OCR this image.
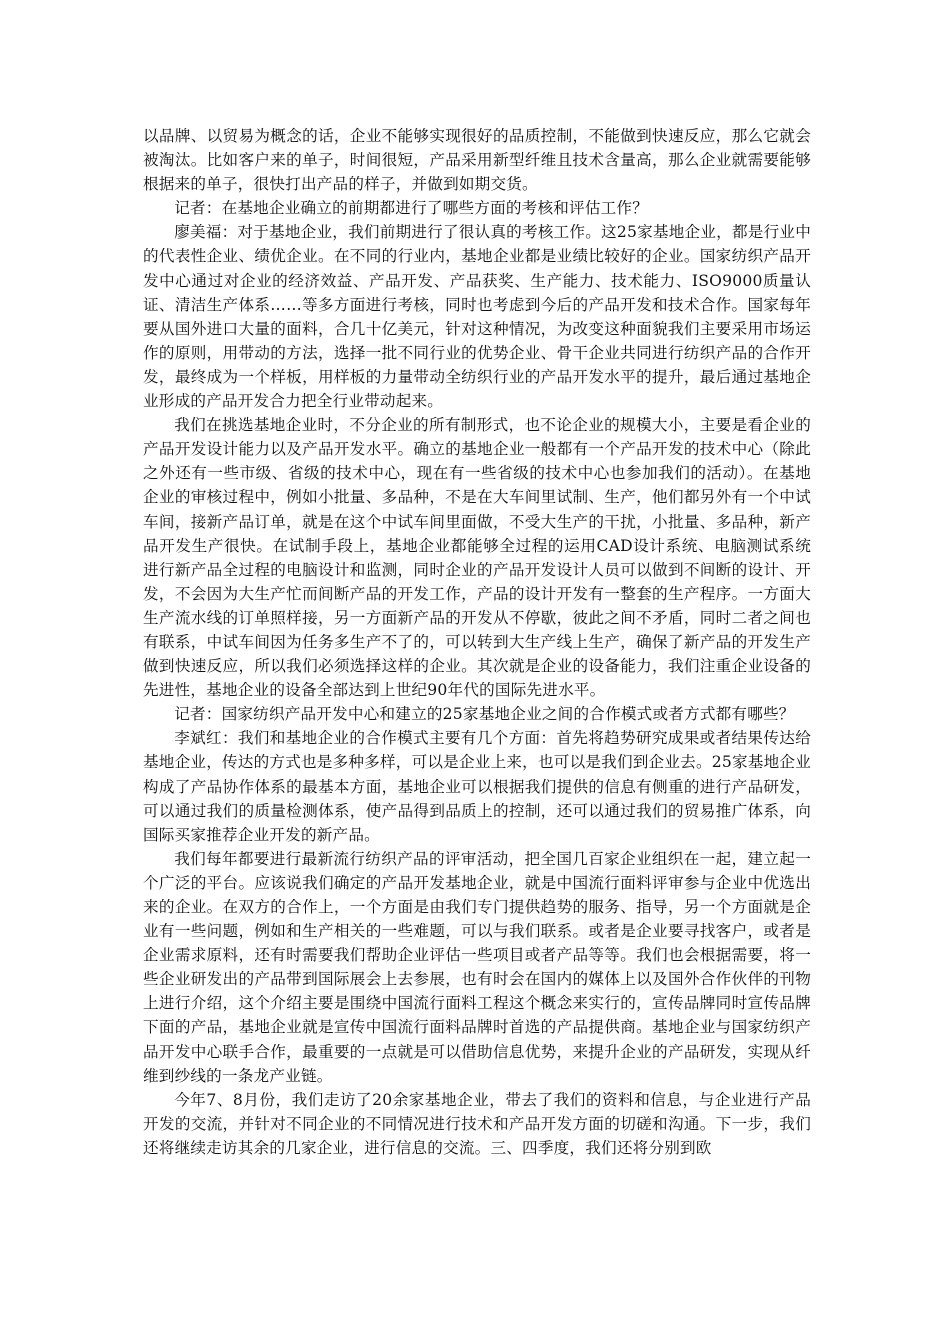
以品牌、以贸易为概念的话，企业不能够实现很好的品质控制，不能做到快速反应，那么它就会被淘汰。比如客户来的单子，时间很短，产品采用新型纤维且技术含量高，那么企业就需要能够根据来的单子，很快打出产品的样子，并做到如期交货。

记者：在基地企业确立的前期都进行了哪些方面的考核和评估工作？

廖美福：对于基地企业，我们前期进行了很认真的考核工作。这25家基地企业，都是行业中的代表性企业、绩优企业。在不同的行业内，基地企业都是业绩比较好的企业。国家纺织产品开发中心通过对企业的经济效益、产品开发、产品获奖、生产能力、技术能力、ISO9000质量认证、清洁生产体系……等多方面进行考核，同时也考虑到今后的产品开发和技术合作。国家每年要从国外进口大量的面料，合几十亿美元，针对这种情况，为改变这种面貌我们主要采用市场运作的原则，用带动的方法，选择一批不同行业的优势企业、骨干企业共同进行纺织产品的合作开发，最终成为一个样板，用样板的力量带动全纺织行业的产品开发水平的提升，最后通过基地企业形成的产品开发合力把全行业带动起来。

我们在挑选基地企业时，不分企业的所有制形式，也不论企业的规模大小，主要是看企业的产品开发设计能力以及产品开发水平。确立的基地企业一般都有一个产品开发的技术中心（除此之外还有一些市级、省级的技术中心，现在有一些省级的技术中心也参加我们的活动）。在基地企业的审核过程中，例如小批量、多品种，不是在大车间里试制、生产，他们都另外有一个中试车间，接新产品订单，就是在这个中试车间里面做，不受大生产的干扰，小批量、多品种，新产品开发生产很快。在试制手段上，基地企业都能够全过程的运用CAD设计系统、电脑测试系统进行新产品全过程的电脑设计和监测，同时企业的产品开发设计人员可以做到不间断的设计、开发，不会因为大生产忙而间断产品的开发工作，产品的设计开发有一整套的生产程序。一方面大生产流水线的订单照样接，另一方面新产品的开发从不停歇，彼此之间不矛盾，同时二者之间也有联系，中试车间因为任务多生产不了的，可以转到大生产线上生产，确保了新产品的开发生产做到快速反应，所以我们必须选择这样的企业。其次就是企业的设备能力，我们注重企业设备的先进性，基地企业的设备全部达到上世纪90年代的国际先进水平。

记者：国家纺织产品开发中心和建立的25家基地企业之间的合作模式或者方式都有哪些？

李斌红：我们和基地企业的合作模式主要有几个方面：首先将趋势研究成果或者结果传达给基地企业，传达的方式也是多种多样，可以是企业上来，也可以是我们到企业去。25家基地企业构成了产品协作体系的最基本方面，基地企业可以根据我们提供的信息有侧重的进行产品研发，可以通过我们的质量检测体系，使产品得到品质上的控制，还可以通过我们的贸易推广体系，向国际买家推荐企业开发的新产品。

我们每年都要进行最新流行纺织产品的评审活动，把全国几百家企业组织在一起，建立起一个广泛的平台。应该说我们确定的产品开发基地企业，就是中国流行面料评审参与企业中优选出来的企业。在双方的合作上，一个方面是由我们专门提供趋势的服务、指导，另一个方面就是企业有一些问题，例如和生产相关的一些难题，可以与我们联系。或者是企业要寻找客户，或者是企业需求原料，还有时需要我们帮助企业评估一些项目或者产品等等。我们也会根据需要，将一些企业研发出的产品带到国际展会上去参展，也有时会在国内的媒体上以及国外合作伙伴的刊物上进行介绍，这个介绍主要是围绕中国流行面料工程这个概念来实行的，宣传品牌同时宣传品牌下面的产品，基地企业就是宣传中国流行面料品牌时首选的产品提供商。基地企业与国家纺织产品开发中心联手合作，最重要的一点就是可以借助信息优势，来提升企业的产品研发，实现从纤维到纱线的一条龙产业链。

今年7、8月份，我们走访了20余家基地企业，带去了我们的资料和信息，与企业进行产品开发的交流，并针对不同企业的不同情况进行技术和产品开发方面的切磋和沟通。下一步，我们还将继续走访其余的几家企业，进行信息的交流。三、四季度，我们还将分别到欧
